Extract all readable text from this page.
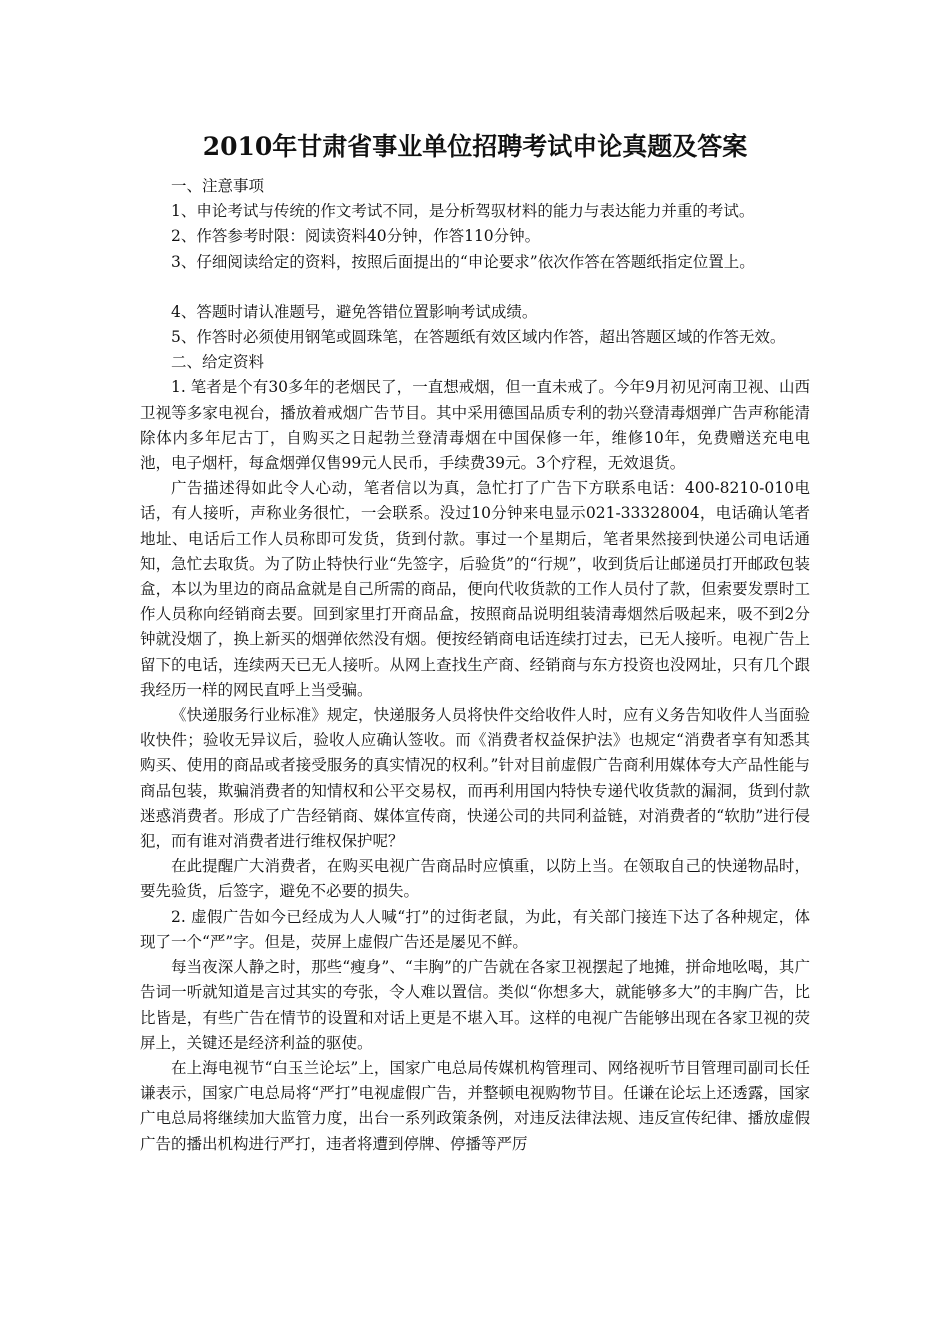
2010年甘肃省事业单位招聘考试申论真题及答案

一、注意事项

1、申论考试与传统的作文考试不同，是分析驾驭材料的能力与表达能力并重的考试。

2、作答参考时限：阅读资料40分钟，作答110分钟。

3、仔细阅读给定的资料，按照后面提出的“申论要求”依次作答在答题纸指定位置上。

4、答题时请认准题号，避免答错位置影响考试成绩。

5、作答时必须使用钢笔或圆珠笔，在答题纸有效区域内作答，超出答题区域的作答无效。

二、给定资料

1. 笔者是个有30多年的老烟民了，一直想戒烟，但一直未戒了。今年9月初见河南卫视、山西卫视等多家电视台，播放着戒烟广告节目。其中采用德国品质专利的勃兴登清毒烟弹广告声称能清除体内多年尼古丁，自购买之日起勃兰登清毒烟在中国保修一年，维修10年，免费赠送充电电池，电子烟杆，每盒烟弹仅售99元人民币，手续费39元。3个疗程，无效退货。

广告描述得如此令人心动，笔者信以为真，急忙打了广告下方联系电话：400-8210-010电话，有人接听，声称业务很忙，一会联系。没过10分钟来电显示021-33328004，电话确认笔者地址、电话后工作人员称即可发货，货到付款。事过一个星期后，笔者果然接到快递公司电话通知，急忙去取货。为了防止特快行业“先签字，后验货”的“行规”，收到货后让邮递员打开邮政包装盒，本以为里边的商品盒就是自己所需的商品，便向代收货款的工作人员付了款，但索要发票时工作人员称向经销商去要。回到家里打开商品盒，按照商品说明组装清毒烟然后吸起来，吸不到2分钟就没烟了，换上新买的烟弹依然没有烟。便按经销商电话连续打过去，已无人接听。电视广告上留下的电话，连续两天已无人接听。从网上查找生产商、经销商与东方投资也没网址，只有几个跟我经历一样的网民直呼上当受骗。

《快递服务行业标准》规定，快递服务人员将快件交给收件人时，应有义务告知收件人当面验收快件；验收无异议后，验收人应确认签收。而《消费者权益保护法》也规定“消费者享有知悉其购买、使用的商品或者接受服务的真实情况的权利。”针对目前虚假广告商利用媒体夸大产品性能与商品包装，欺骗消费者的知情权和公平交易权，而再利用国内特快专递代收货款的漏洞，货到付款迷惑消费者。形成了广告经销商、媒体宣传商，快递公司的共同利益链，对消费者的“软肋”进行侵犯，而有谁对消费者进行维权保护呢？

在此提醒广大消费者，在购买电视广告商品时应慎重，以防上当。在领取自己的快递物品时，要先验货，后签字，避免不必要的损失。

2. 虚假广告如今已经成为人人喊“打”的过街老鼠，为此，有关部门接连下达了各种规定，体现了一个“严”字。但是，荧屏上虚假广告还是屡见不鲜。

每当夜深人静之时，那些“瘦身”、“丰胸”的广告就在各家卫视摆起了地摊，拼命地吆喝，其广告词一听就知道是言过其实的夸张，令人难以置信。类似“你想多大，就能够多大”的丰胸广告，比比皆是，有些广告在情节的设置和对话上更是不堪入耳。这样的电视广告能够出现在各家卫视的荧屏上，关键还是经济利益的驱使。

在上海电视节“白玉兰论坛”上，国家广电总局传媒机构管理司、网络视听节目管理司副司长任谦表示，国家广电总局将“严打”电视虚假广告，并整顿电视购物节目。任谦在论坛上还透露，国家广电总局将继续加大监管力度，出台一系列政策条例，对违反法律法规、违反宣传纪律、播放虚假广告的播出机构进行严打，违者将遭到停牌、停播等严厉
